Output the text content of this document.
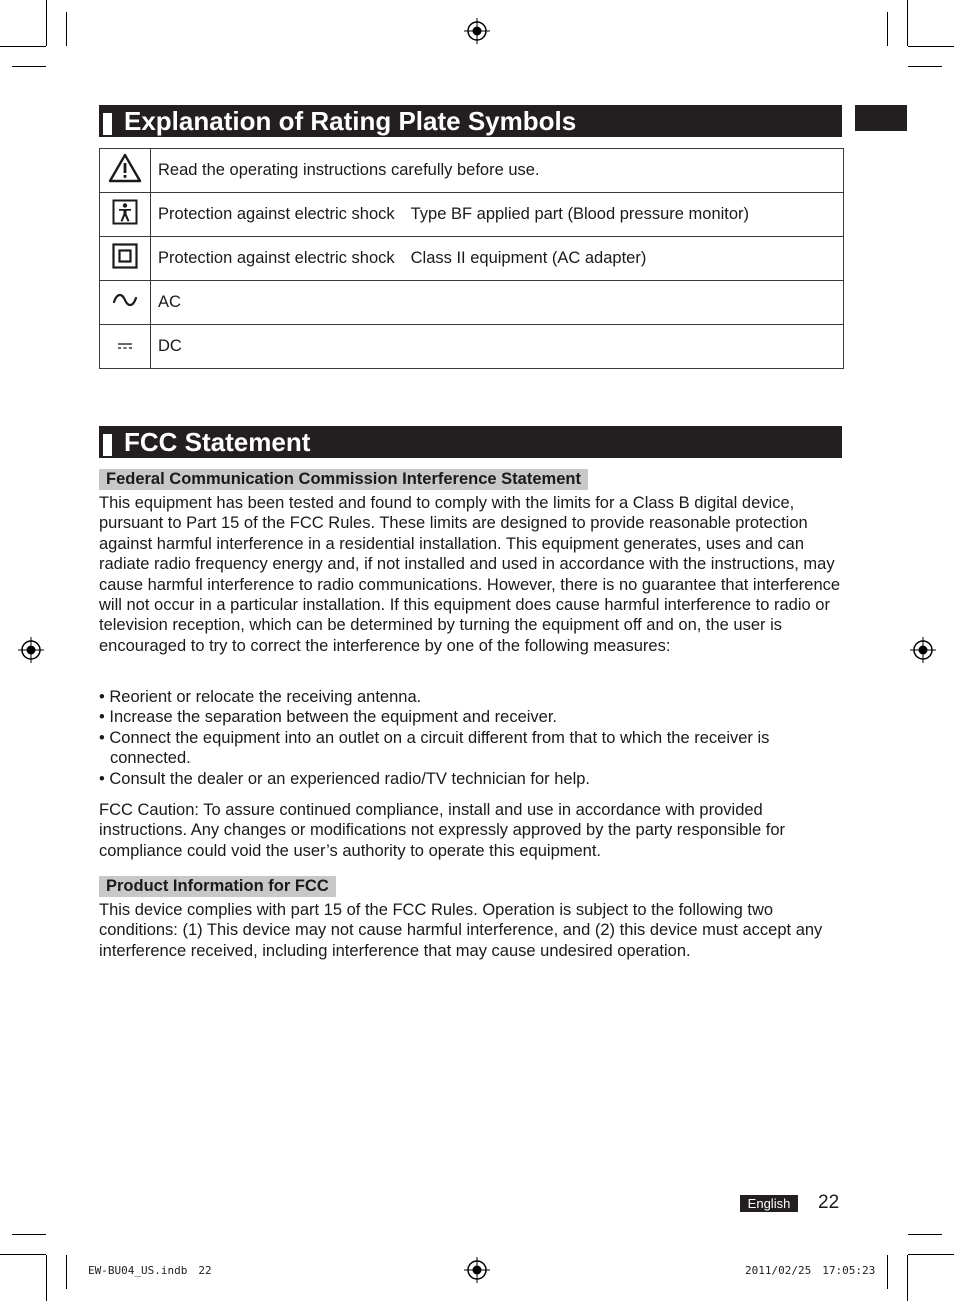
Explanation of Rating Plate Symbols
	Read the operating instructions carefully before use.
	Protection against electric shock Type BF applied part (Blood pressure monitor)
	Protection against electric shock Class II equipment (AC adapter)
	AC
	DC
FCC Statement
Federal Communication Commission Interference Statement

This equipment has been tested and found to comply with the limits for a Class B digital device, pursuant to Part 15 of the FCC Rules. These limits are designed to provide reasonable protection against harmful interference in a residential installation. This equipment generates, uses and can radiate radio frequency energy and, if not installed and used in accordance with the instructions, may cause harmful interference to radio communications. However, there is no guarantee that interference will not occur in a particular installation. If this equipment does cause harmful interference to radio or television reception, which can be determined by turning the equipment off and on, the user is encouraged to try to correct the interference by one of the following measures:

• Reorient or relocate the receiving antenna.
• Increase the separation between the equipment and receiver.
• Connect the equipment into an outlet on a circuit different from that to which the receiver is connected.
• Consult the dealer or an experienced radio/TV technician for help.

FCC Caution: To assure continued compliance, install and use in accordance with provided instructions. Any changes or modifications not expressly approved by the party responsible for compliance could void the user’s authority to operate this equipment.

Product Information for FCC

This device complies with part 15 of the FCC Rules. Operation is subject to the following two conditions: (1) This device may not cause harmful interference, and (2) this device must accept any interference received, including interference that may cause undesired operation.

English	22
EW-BU04_US.indb　22	2011/02/25　17:05:23
